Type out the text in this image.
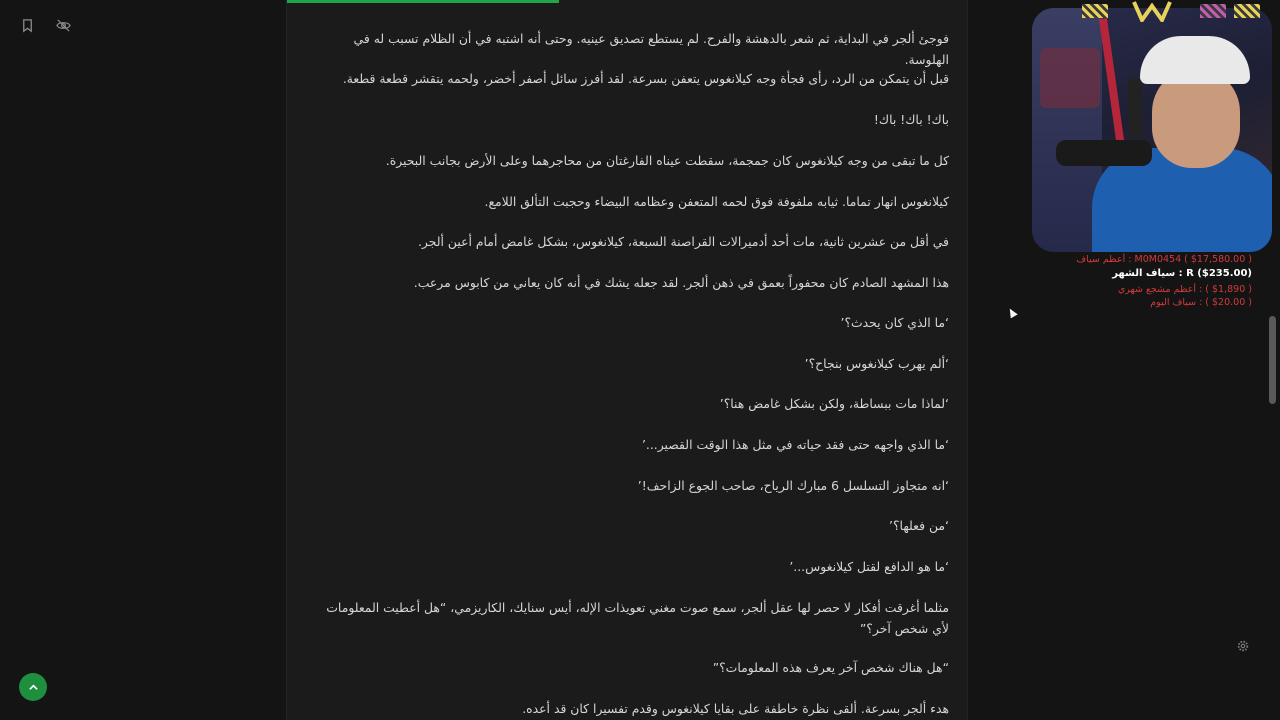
فوجئ ألجر في البداية، ثم شعر بالدهشة والفرح. لم يستطع تصديق عينيه. وحتى أنه اشتبه في أن الظلام تسبب له في الهلوسة.

قبل أن يتمكن من الرد، رأى فجأة وجه كيلانغوس يتعفن بسرعة. لقد أفرز سائل أصفر أخضر، ولحمه يتقشر قطعة قطعة.

باك! باك! باك!

كل ما تبقى من وجه كيلانغوس كان جمجمة، سقطت عيناه الفارغتان من محاجرهما وعلى الأرض بجانب البحيرة.

كيلانغوس انهار تماما. ثيابه ملفوفة فوق لحمه المتعفن وعظامه البيضاء وحجبت التألق اللامع.

في أقل من عشرين ثانية، مات أحد أدميرالات القراصنة السبعة، كيلانغوس، بشكل غامض أمام أعين ألجر.

هذا المشهد الصادم كان محفوراً بعمق في ذهن ألجر. لقد جعله يشك في أنه كان يعاني من كابوس مرعب.

‘ما الذي كان يحدث؟’

‘ألم يهرب كيلانغوس بنجاح؟’

‘لماذا مات ببساطة، ولكن بشكل غامض هنا؟’

‘ما الذي واجهه حتى فقد حياته في مثل هذا الوقت القصير...’

‘انه متجاوز التسلسل 6 مبارك الرياح، صاحب الجوع الزاحف!’

‘من فعلها؟’

‘ما هو الدافع لقتل كيلانغوس...’

مثلما أغرقت أفكار لا حصر لها عقل ألجر، سمع صوت مغني تعويذات الإله، أيس سنايك، الكاريزمي، “هل أعطيت المعلومات لأي شخص آخر؟”

“هل هناك شخص آخر يعرف هذه المعلومات؟”

هدء ألجر بسرعة. ألقى نظرة خاطفة على بقايا كيلانغوس وقدم تفسيرا كان قد أعده.

M0M0454 ( $17,580.00 ) : أعظم سياف
R ($235.00) : سياف الشهر
( $1,890 ) : أعظم مشجع شهري
( $20.00 ) : سياف اليوم
